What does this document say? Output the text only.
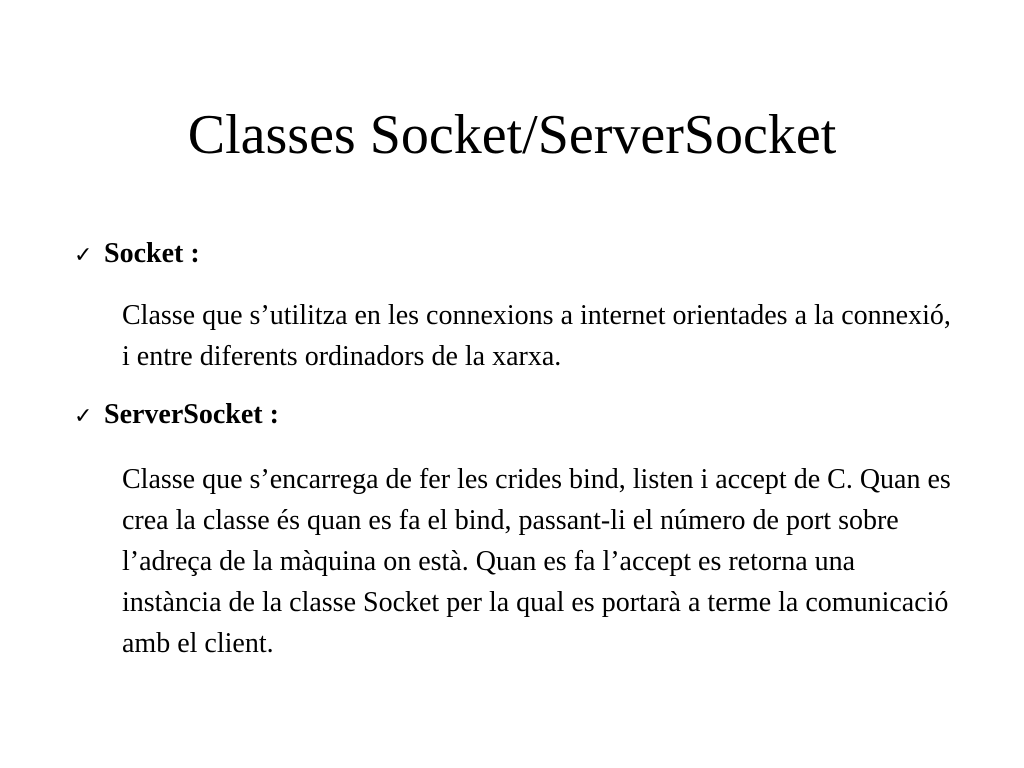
Classes Socket/ServerSocket
✓ Socket :

Classe que s’utilitza en les connexions a internet orientades a la connexió, i entre diferents ordinadors de la xarxa.

✓ ServerSocket :

Classe que s’encarrega de fer les crides bind, listen i accept de C. Quan es crea la classe és quan es fa el bind, passant-li el número de port sobre l’adreça de la màquina on està. Quan es fa l’accept es retorna una instància de la classe Socket per la qual es portarà a terme la comunicació amb el client.
